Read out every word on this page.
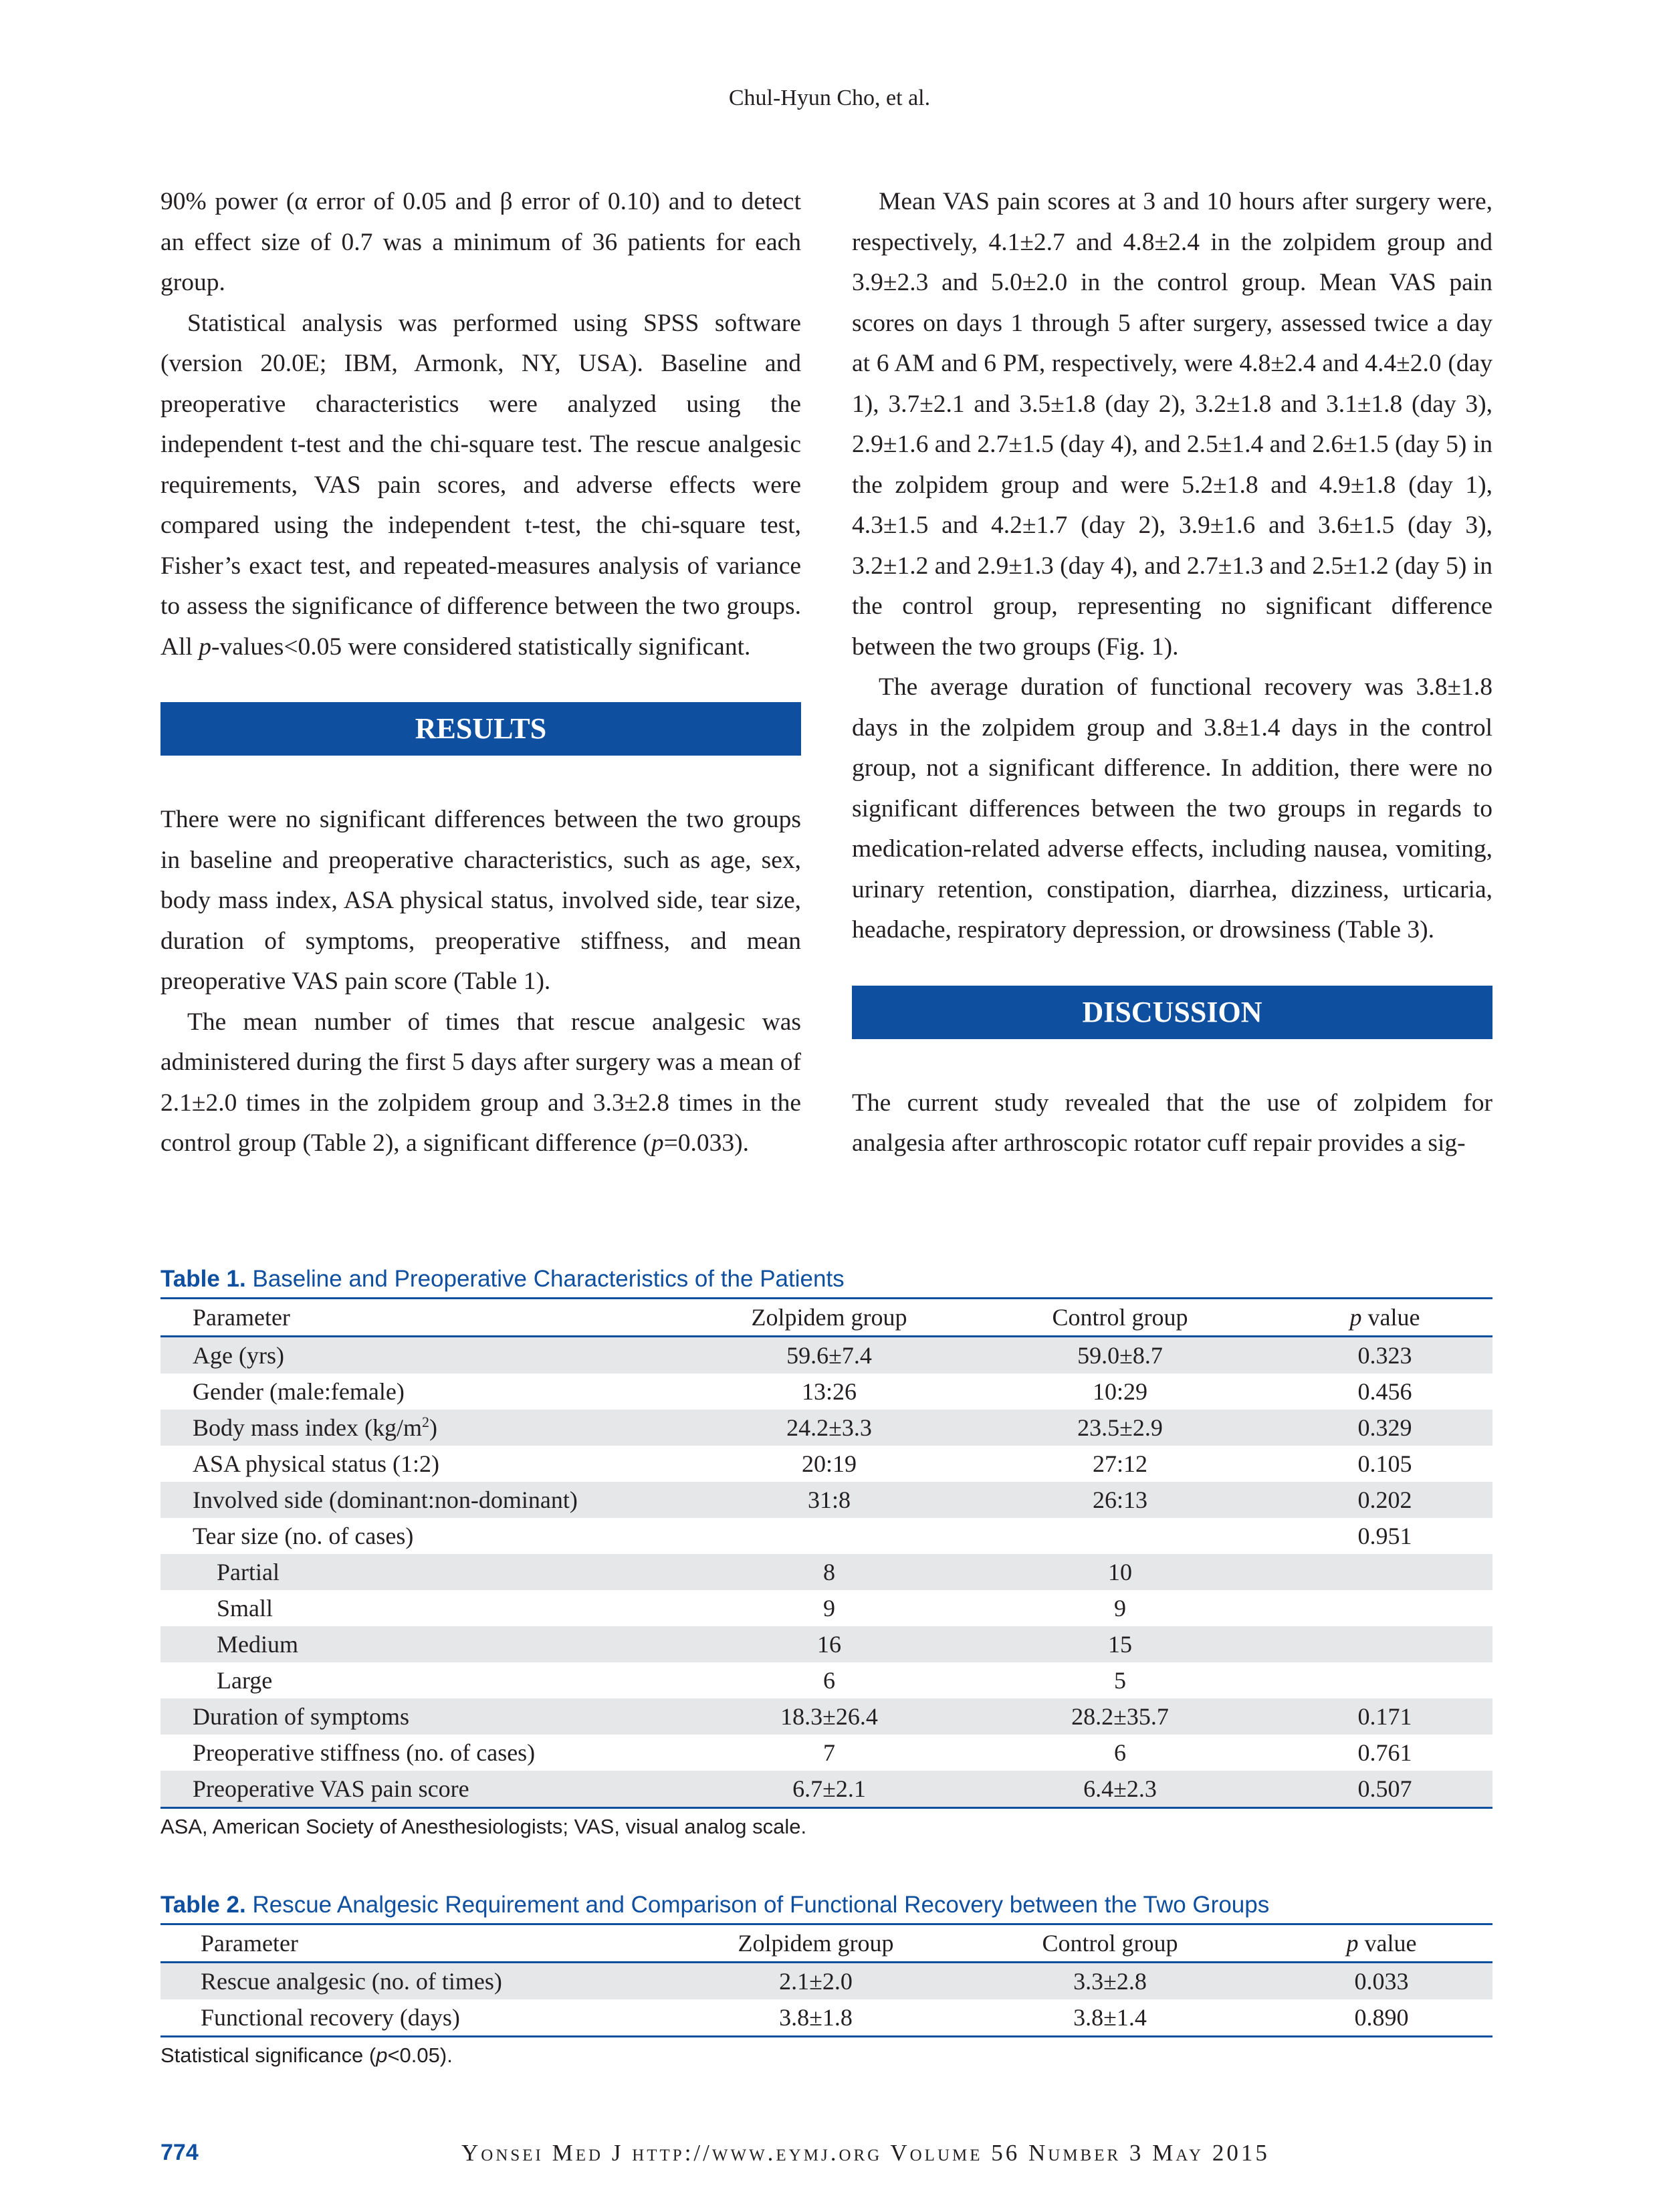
Chul-Hyun Cho, et al.

90% power (α error of 0.05 and β error of 0.10) and to detect an effect size of 0.7 was a minimum of 36 patients for each group.

Statistical analysis was performed using SPSS software (version 20.0E; IBM, Armonk, NY, USA). Baseline and preoperative characteristics were analyzed using the independent t-test and the chi-square test. The rescue analgesic requirements, VAS pain scores, and adverse effects were compared using the independent t-test, the chi-square test, Fisher’s exact test, and repeated-measures analysis of variance to assess the significance of difference between the two groups. All p-values<0.05 were considered statistically significant.

RESULTS

There were no significant differences between the two groups in baseline and preoperative characteristics, such as age, sex, body mass index, ASA physical status, involved side, tear size, duration of symptoms, preoperative stiffness, and mean preoperative VAS pain score (Table 1).

The mean number of times that rescue analgesic was administered during the first 5 days after surgery was a mean of 2.1±2.0 times in the zolpidem group and 3.3±2.8 times in the control group (Table 2), a significant difference (p=0.033).

Mean VAS pain scores at 3 and 10 hours after surgery were, respectively, 4.1±2.7 and 4.8±2.4 in the zolpidem group and 3.9±2.3 and 5.0±2.0 in the control group. Mean VAS pain scores on days 1 through 5 after surgery, assessed twice a day at 6 AM and 6 PM, respectively, were 4.8±2.4 and 4.4±2.0 (day 1), 3.7±2.1 and 3.5±1.8 (day 2), 3.2±1.8 and 3.1±1.8 (day 3), 2.9±1.6 and 2.7±1.5 (day 4), and 2.5±1.4 and 2.6±1.5 (day 5) in the zolpidem group and were 5.2±1.8 and 4.9±1.8 (day 1), 4.3±1.5 and 4.2±1.7 (day 2), 3.9±1.6 and 3.6±1.5 (day 3), 3.2±1.2 and 2.9±1.3 (day 4), and 2.7±1.3 and 2.5±1.2 (day 5) in the control group, representing no significant difference between the two groups (Fig. 1).

The average duration of functional recovery was 3.8±1.8 days in the zolpidem group and 3.8±1.4 days in the control group, not a significant difference. In addition, there were no significant differences between the two groups in regards to medication-related adverse effects, including nausea, vomiting, urinary retention, constipation, diarrhea, dizziness, urticaria, headache, respiratory depression, or drowsiness (Table 3).

DISCUSSION

The current study revealed that the use of zolpidem for analgesia after arthroscopic rotator cuff repair provides a sig-

Table 1. Baseline and Preoperative Characteristics of the Patients
Parameter	Zolpidem group	Control group	p value
Age (yrs)	59.6±7.4	59.0±8.7	0.323
Gender (male:female)	13:26	10:29	0.456
Body mass index $(kg/m^2)$	24.2±3.3	23.5±2.9	0.329
ASA physical status (1:2)	20:19	27:12	0.105
Involved side (dominant:non-dominant)	31:8	26:13	0.202
Tear size (no. of cases)			0.951
Partial	8	10	
Small	9	9	
Medium	16	15	
Large	6	5	
Duration of symptoms	18.3±26.4	28.2±35.7	0.171
Preoperative stiffness (no. of cases)	7	6	0.761
Preoperative VAS pain score	6.7±2.1	6.4±2.3	0.507
ASA, American Society of Anesthesiologists; VAS, visual analog scale.
Table 2. Rescue Analgesic Requirement and Comparison of Functional Recovery between the Two Groups
Parameter	Zolpidem group	Control group	p value
Rescue analgesic (no. of times)	2.1±2.0	3.3±2.8	0.033
Functional recovery (days)	3.8±1.8	3.8±1.4	0.890
Statistical significance (p<0.05).
774	Yonsei Med J http://www.eymj.org Volume 56 Number 3 May 2015
